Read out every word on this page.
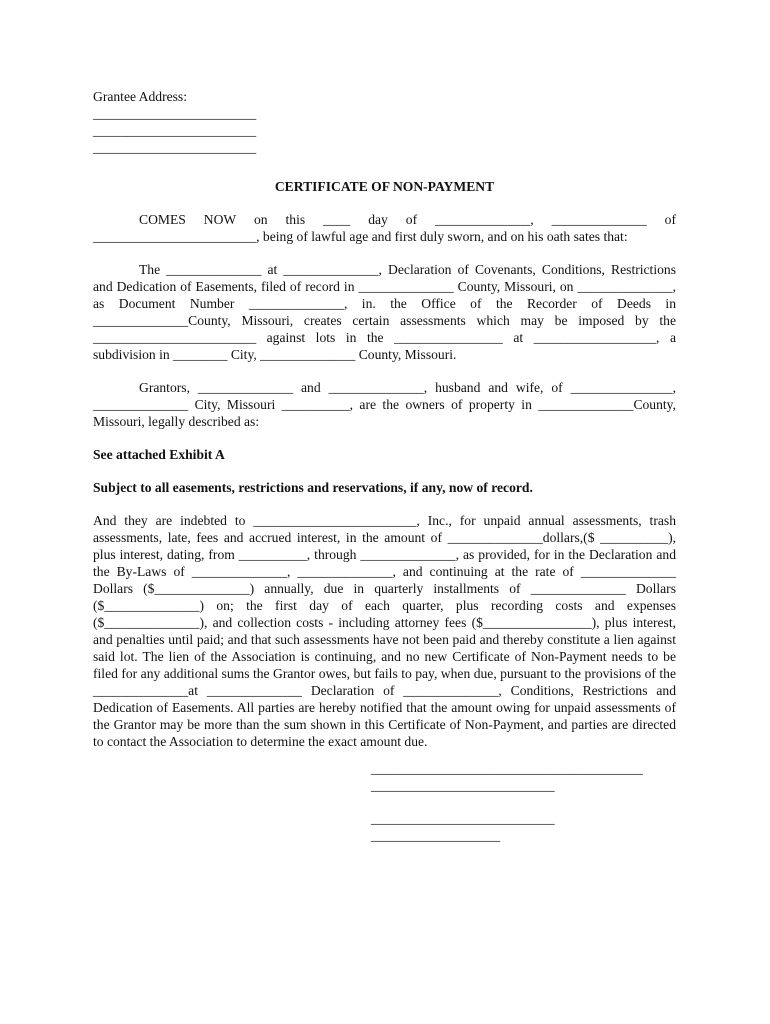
Grantee Address:
________________________
________________________
________________________
CERTIFICATE OF NON-PAYMENT

COMES NOW on this ____ day of ______________, ______________ of ________________________, being of lawful age and first duly sworn, and on his oath sates that:

The ______________ at ______________, Declaration of Covenants, Conditions, Restrictions and Dedication of Easements, filed of record in ______________ County, Missouri, on ______________, as Document Number ______________, in. the Office of the Recorder of Deeds in ______________County, Missouri, creates certain assessments which may be imposed by the ________________________ against lots in the ________________ at __________________, a subdivision in ________ City, ______________ County, Missouri.

Grantors, ______________ and ______________, husband and wife, of _______________, ______________ City, Missouri __________, are the owners of property in ______________County, Missouri, legally described as:

See attached Exhibit A

Subject to all easements, restrictions and reservations, if any, now of record.

And they are indebted to ________________________, Inc., for unpaid annual assessments, trash assessments, late, fees and accrued interest, in the amount of ______________dollars,($ __________), plus interest, dating, from __________, through ______________, as provided, for in the Declaration and the By-Laws of ______________, ______________, and continuing at the rate of ______________ Dollars ($______________) annually, due in quarterly installments of ______________ Dollars ($______________) on; the first day of each quarter, plus recording costs and expenses ($______________), and collection costs - including attorney fees ($________________), plus interest, and penalties until paid; and that such assessments have not been paid and thereby constitute a lien against said lot. The lien of the Association is continuing, and no new Certificate of Non-Payment needs to be filed for any additional sums the Grantor owes, but fails to pay, when due, pursuant to the provisions of the ______________at ______________ Declaration of ______________, Conditions, Restrictions and Dedication of Easements. All parties are hereby notified that the amount owing for unpaid assessments of the Grantor may be more than the sum shown in this Certificate of Non-Payment, and parties are directed to contact the Association to determine the exact amount due.

________________________________________
___________________________
___________________________
___________________
